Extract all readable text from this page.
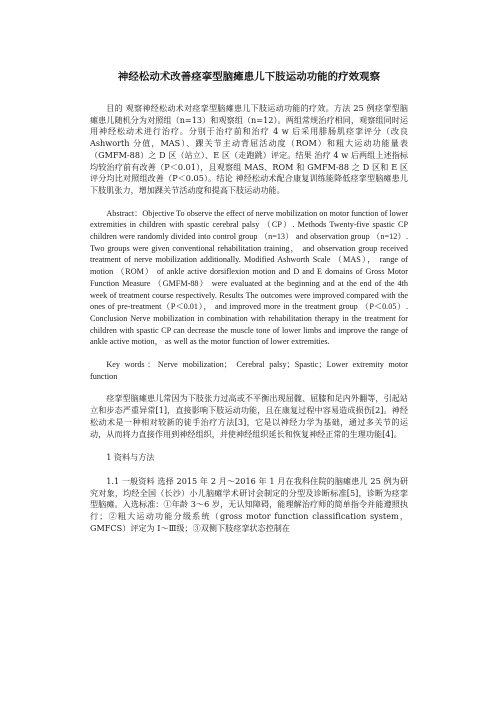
神经松动术改善痉挛型脑瘫患儿下肢运动功能的疗效观察

目的 观察神经松动术对痉挛型脑瘫患儿下肢运动功能的疗效。方法 25 例痉挛型脑瘫患儿随机分为对照组（n=13）和观察组（n=12）。两组常规治疗相同，观察组同时运用神经松动术进行治疗。分别于治疗前和治疗 4 w 后采用腓肠肌痉挛评分（改良 Ashworth 分值，MAS）、踝关节主动背屈活动度（ROM）和粗大运动功能量表（GMFM-88）之 D 区（站立）、E 区（走跑跳）评定。结果 治疗 4 w 后两组上述指标均较治疗前有改善（P＜0.01），且观察组 MAS、ROM 和 GMFM-88 之 D 区和 E 区评分均比对照组改善（P＜0.05）。结论 神经松动术配合康复训练能降低痉挛型脑瘫患儿下肢肌张力，增加踝关节活动度和提高下肢运动功能。

Abstract：Objective To observe the effect of nerve mobilization on motor function of lower extremities in children with spastic cerebral palsy （CP）. Methods Twenty-five spastic CP children were randomly divided into control group （n=13） and observation group （n=12）. Two groups were given conventional rehabilitation training， and observation group received treatment of nerve mobilization additionally. Modified Ashworth Scale （MAS）， range of motion （ROM） of ankle active dorsiflexion motion and D and E domains of Gross Motor Function Measure （GMFM-88） were evaluated at the beginning and at the end of the 4th week of treatment course respectively. Results The outcomes were improved compared with the ones of pre-treatment（P＜0.01）， and improved more in the treatment group （P＜0.05）. Conclusion Nerve mobilization in combination with rehabilitation therapy in the treatment for children with spastic CP can decrease the muscle tone of lower limbs and improve the range of ankle active motion， as well as the motor function of lower extremities.

Key words：Nerve mobilization； Cerebral palsy；Spastic；Lower extremity motor function

痉挛型脑瘫患儿常因为下肢张力过高或不平衡出现屈髋、屈膝和足内外翻等，引起站立和步态严重异常[1]，直接影响下肢运动功能，且在康复过程中容易造成损伤[2]。神经松动术是一种相对较新的徒手治疗方法[3]，它是以神经力学为基础，通过多关节的运动，从而将力直接作用到神经组织，并使神经组织延长和恢复神经正常的生理功能[4]。

1 资料与方法

1.1 一般资料 选择 2015 年 2 月～2016 年 1 月在我科住院的脑瘫患儿 25 例为研究对象，均经全国（长沙）小儿脑瘫学术研讨会制定的分型及诊断标准[5]，诊断为痉挛型脑瘫。入选标准：①年龄 3～6 岁，无认知障碍，能理解治疗师的简单指令并能遵照执行；②粗大运动功能分级系统（gross motor function classification system， GMFCS）评定为 Ⅰ～Ⅲ级；③双侧下肢痉挛状态控制在
